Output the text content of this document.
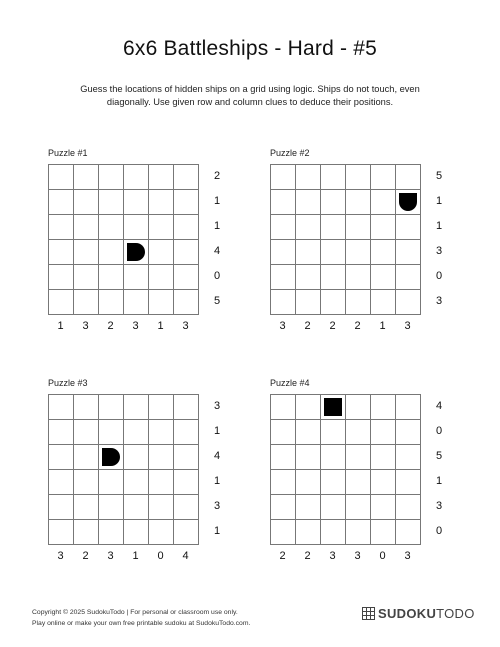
6x6 Battleships - Hard - #5
Guess the locations of hidden ships on a grid using logic. Ships do not touch, even diagonally. Use given row and column clues to deduce their positions.
Puzzle #1
2
1
1
4
0
5
1	3	2	3	1	3
Puzzle #2
5
1
1
3
0
3
3	2	2	2	1	3
Puzzle #3
3
1
4
1
3
1
3	2	3	1	0	4
Puzzle #4
4
0
5
1
3
0
2	2	3	3	0	3
Copyright © 2025 SudokuTodo | For personal or classroom use only.
Play online or make your own free printable sudoku at SudokuTodo.com.
SUDOKUTODO
